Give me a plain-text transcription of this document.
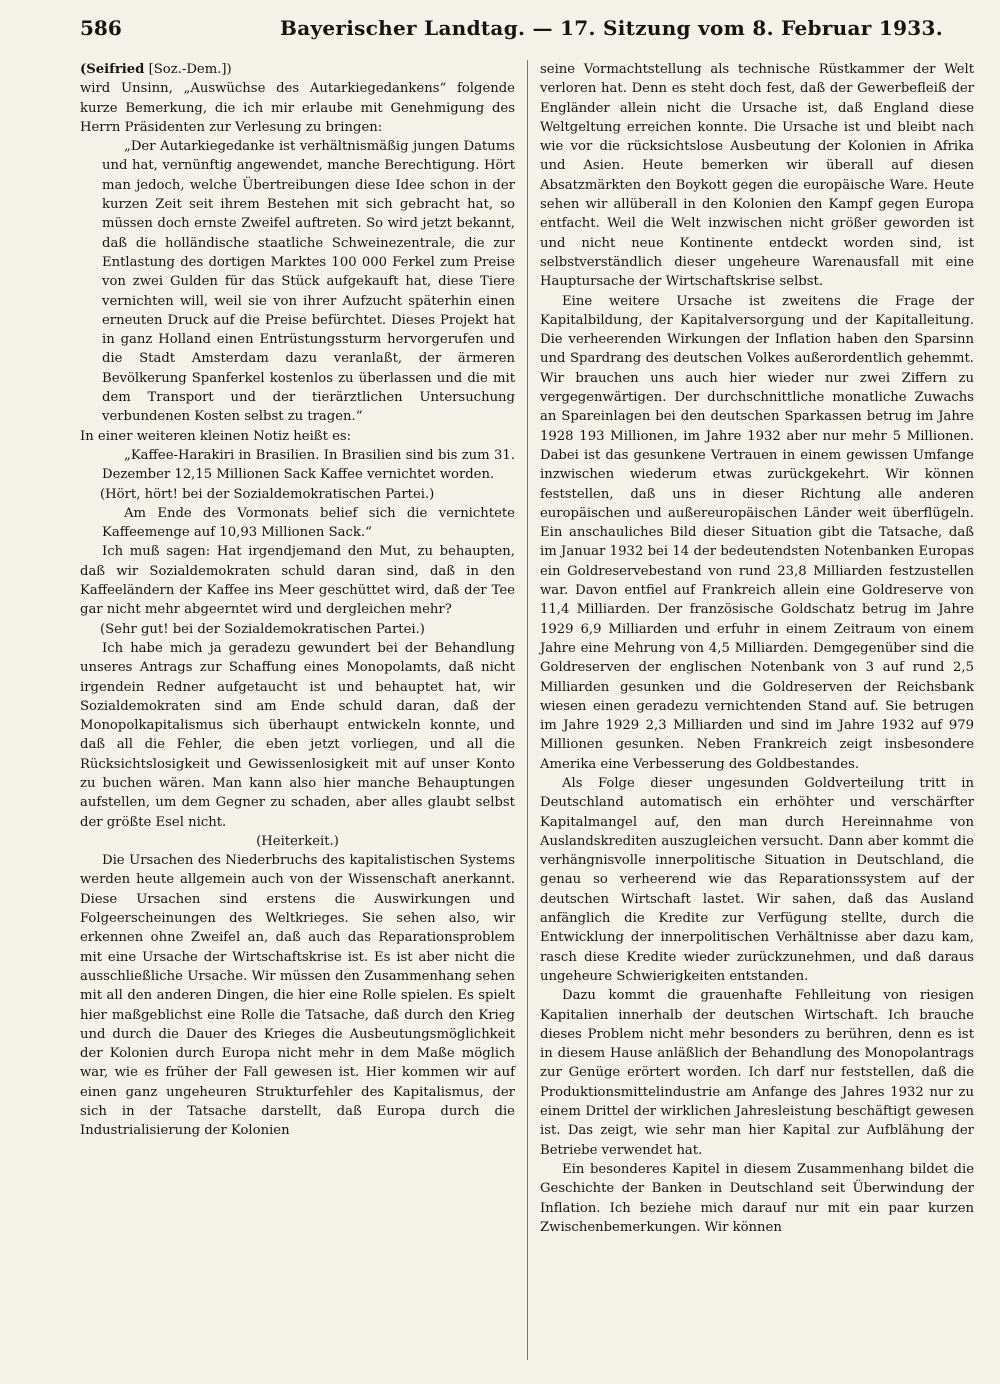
586	Bayerischer Landtag. — 17. Sitzung vom 8. Februar 1933.

(Seifried [Soz.-Dem.])

wird Unsinn, „Auswüchse des Autarkiegedankens“ folgende kurze Bemerkung, die ich mir erlaube mit Genehmigung des Herrn Präsidenten zur Verlesung zu bringen:

„Der Autarkiegedanke ist verhältnismäßig jungen Datums und hat, vernünftig angewendet, manche Berechtigung. Hört man jedoch, welche Übertreibungen diese Idee schon in der kurzen Zeit seit ihrem Bestehen mit sich gebracht hat, so müssen doch ernste Zweifel auftreten. So wird jetzt bekannt, daß die holländische staatliche Schweinezentrale, die zur Entlastung des dortigen Marktes 100 000 Ferkel zum Preise von zwei Gulden für das Stück aufgekauft hat, diese Tiere vernichten will, weil sie von ihrer Aufzucht späterhin einen erneuten Druck auf die Preise befürchtet. Dieses Projekt hat in ganz Holland einen Entrüstungssturm hervorgerufen und die Stadt Amsterdam dazu veranlaßt, der ärmeren Bevölkerung Spanferkel kostenlos zu überlassen und die mit dem Transport und der tierärztlichen Untersuchung verbundenen Kosten selbst zu tragen.“

In einer weiteren kleinen Notiz heißt es:

„Kaffee-Harakiri in Brasilien. In Brasilien sind bis zum 31. Dezember 12,15 Millionen Sack Kaffee vernichtet worden.

(Hört, hört! bei der Sozialdemokratischen Partei.)

Am Ende des Vormonats belief sich die vernichtete Kaffeemenge auf 10,93 Millionen Sack.“

Ich muß sagen: Hat irgendjemand den Mut, zu behaupten, daß wir Sozialdemokraten schuld daran sind, daß in den Kaffeeländern der Kaffee ins Meer geschüttet wird, daß der Tee gar nicht mehr abgeerntet wird und dergleichen mehr?

(Sehr gut! bei der Sozialdemokratischen Partei.)

Ich habe mich ja geradezu gewundert bei der Behandlung unseres Antrags zur Schaffung eines Monopolamts, daß nicht irgendein Redner aufgetaucht ist und behauptet hat, wir Sozialdemokraten sind am Ende schuld daran, daß der Monopolkapitalismus sich überhaupt entwickeln konnte, und daß all die Fehler, die eben jetzt vorliegen, und all die Rücksichtslosigkeit und Gewissenlosigkeit mit auf unser Konto zu buchen wären. Man kann also hier manche Behauptungen aufstellen, um dem Gegner zu schaden, aber alles glaubt selbst der größte Esel nicht.

(Heiterkeit.)

Die Ursachen des Niederbruchs des kapitalistischen Systems werden heute allgemein auch von der Wissenschaft anerkannt. Diese Ursachen sind erstens die Auswirkungen und Folgeerscheinungen des Weltkrieges. Sie sehen also, wir erkennen ohne Zweifel an, daß auch das Reparationsproblem mit eine Ursache der Wirtschaftskrise ist. Es ist aber nicht die ausschließliche Ursache. Wir müssen den Zusammenhang sehen mit all den anderen Dingen, die hier eine Rolle spielen. Es spielt hier maßgeblichst eine Rolle die Tatsache, daß durch den Krieg und durch die Dauer des Krieges die Ausbeutungsmöglichkeit der Kolonien durch Europa nicht mehr in dem Maße möglich war, wie es früher der Fall gewesen ist. Hier kommen wir auf einen ganz ungeheuren Strukturfehler des Kapitalismus, der sich in der Tatsache darstellt, daß Europa durch die Industrialisierung der Kolonien

seine Vormachtstellung als technische Rüstkammer der Welt verloren hat. Denn es steht doch fest, daß der Gewerbefleiß der Engländer allein nicht die Ursache ist, daß England diese Weltgeltung erreichen konnte. Die Ursache ist und bleibt nach wie vor die rücksichtslose Ausbeutung der Kolonien in Afrika und Asien. Heute bemerken wir überall auf diesen Absatzmärkten den Boykott gegen die europäische Ware. Heute sehen wir allüberall in den Kolonien den Kampf gegen Europa entfacht. Weil die Welt inzwischen nicht größer geworden ist und nicht neue Kontinente entdeckt worden sind, ist selbstverständlich dieser ungeheure Warenausfall mit eine Hauptursache der Wirtschaftskrise selbst.

Eine weitere Ursache ist zweitens die Frage der Kapitalbildung, der Kapitalversorgung und der Kapitalleitung. Die verheerenden Wirkungen der Inflation haben den Sparsinn und Spardrang des deutschen Volkes außerordentlich gehemmt. Wir brauchen uns auch hier wieder nur zwei Ziffern zu vergegenwärtigen. Der durchschnittliche monatliche Zuwachs an Spareinlagen bei den deutschen Sparkassen betrug im Jahre 1928 193 Millionen, im Jahre 1932 aber nur mehr 5 Millionen. Dabei ist das gesunkene Vertrauen in einem gewissen Umfange inzwischen wiederum etwas zurückgekehrt. Wir können feststellen, daß uns in dieser Richtung alle anderen europäischen und außereuropäischen Länder weit überflügeln. Ein anschauliches Bild dieser Situation gibt die Tatsache, daß im Januar 1932 bei 14 der bedeutendsten Notenbanken Europas ein Goldreservebestand von rund 23,8 Milliarden festzustellen war. Davon entfiel auf Frankreich allein eine Goldreserve von 11,4 Milliarden. Der französische Goldschatz betrug im Jahre 1929 6,9 Milliarden und erfuhr in einem Zeitraum von einem Jahre eine Mehrung von 4,5 Milliarden. Demgegenüber sind die Goldreserven der englischen Notenbank von 3 auf rund 2,5 Milliarden gesunken und die Goldreserven der Reichsbank wiesen einen geradezu vernichtenden Stand auf. Sie betrugen im Jahre 1929 2,3 Milliarden und sind im Jahre 1932 auf 979 Millionen gesunken. Neben Frankreich zeigt insbesondere Amerika eine Verbesserung des Goldbestandes.

Als Folge dieser ungesunden Goldverteilung tritt in Deutschland automatisch ein erhöhter und verschärfter Kapitalmangel auf, den man durch Hereinnahme von Auslandskrediten auszugleichen versucht. Dann aber kommt die verhängnisvolle innerpolitische Situation in Deutschland, die genau so verheerend wie das Reparationssystem auf der deutschen Wirtschaft lastet. Wir sahen, daß das Ausland anfänglich die Kredite zur Verfügung stellte, durch die Entwicklung der innerpolitischen Verhältnisse aber dazu kam, rasch diese Kredite wieder zurückzunehmen, und daß daraus ungeheure Schwierigkeiten entstanden.

Dazu kommt die grauenhafte Fehlleitung von riesigen Kapitalien innerhalb der deutschen Wirtschaft. Ich brauche dieses Problem nicht mehr besonders zu berühren, denn es ist in diesem Hause anläßlich der Behandlung des Monopolantrags zur Genüge erörtert worden. Ich darf nur feststellen, daß die Produktionsmittelindustrie am Anfange des Jahres 1932 nur zu einem Drittel der wirklichen Jahresleistung beschäftigt gewesen ist. Das zeigt, wie sehr man hier Kapital zur Aufblähung der Betriebe verwendet hat.

Ein besonderes Kapitel in diesem Zusammenhang bildet die Geschichte der Banken in Deutschland seit Überwindung der Inflation. Ich beziehe mich darauf nur mit ein paar kurzen Zwischenbemerkungen. Wir können
